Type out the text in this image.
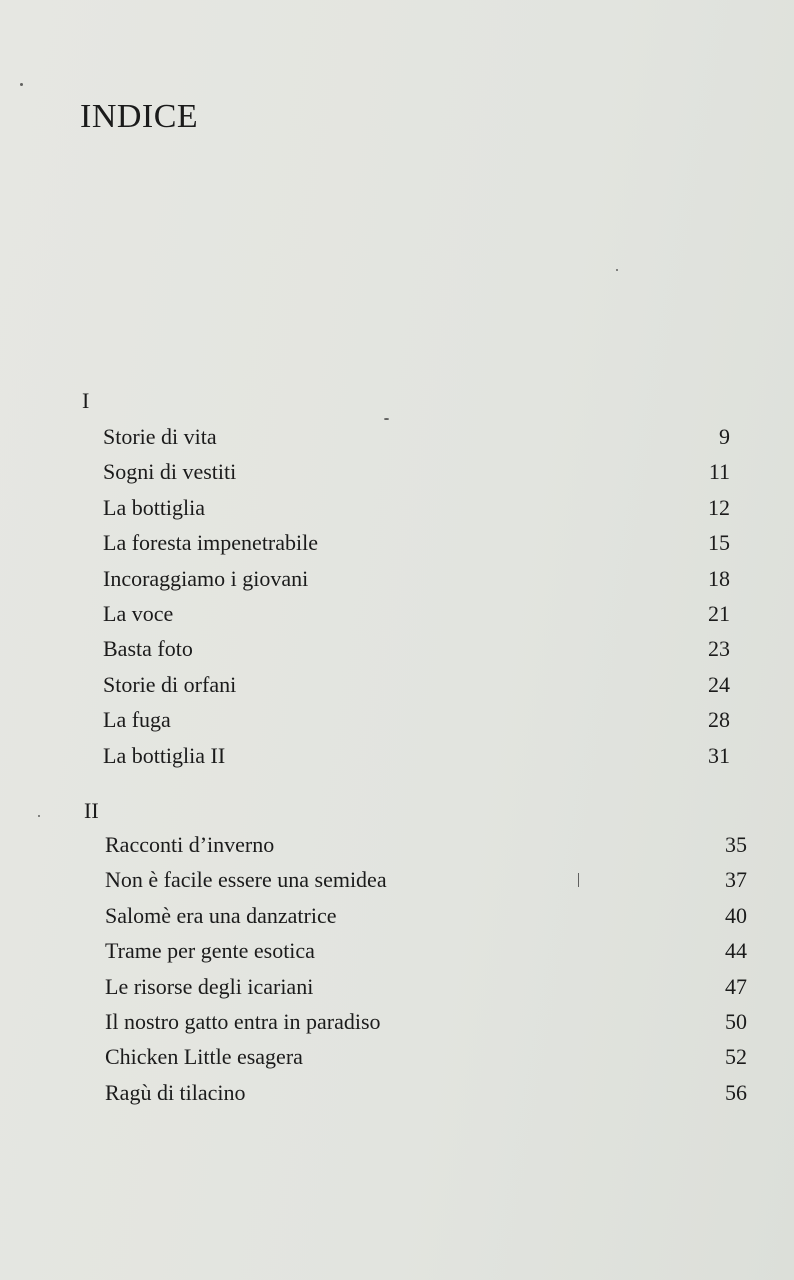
INDICE
I
Storie di vita	9
Sogni di vestiti	11
La bottiglia	12
La foresta impenetrabile	15
Incoraggiamo i giovani	18
La voce	21
Basta foto	23
Storie di orfani	24
La fuga	28
La bottiglia II	31
II
Racconti d’inverno	35
Non è facile essere una semidea	37
Salomè era una danzatrice	40
Trame per gente esotica	44
Le risorse degli icariani	47
Il nostro gatto entra in paradiso	50
Chicken Little esagera	52
Ragù di tilacino	56
